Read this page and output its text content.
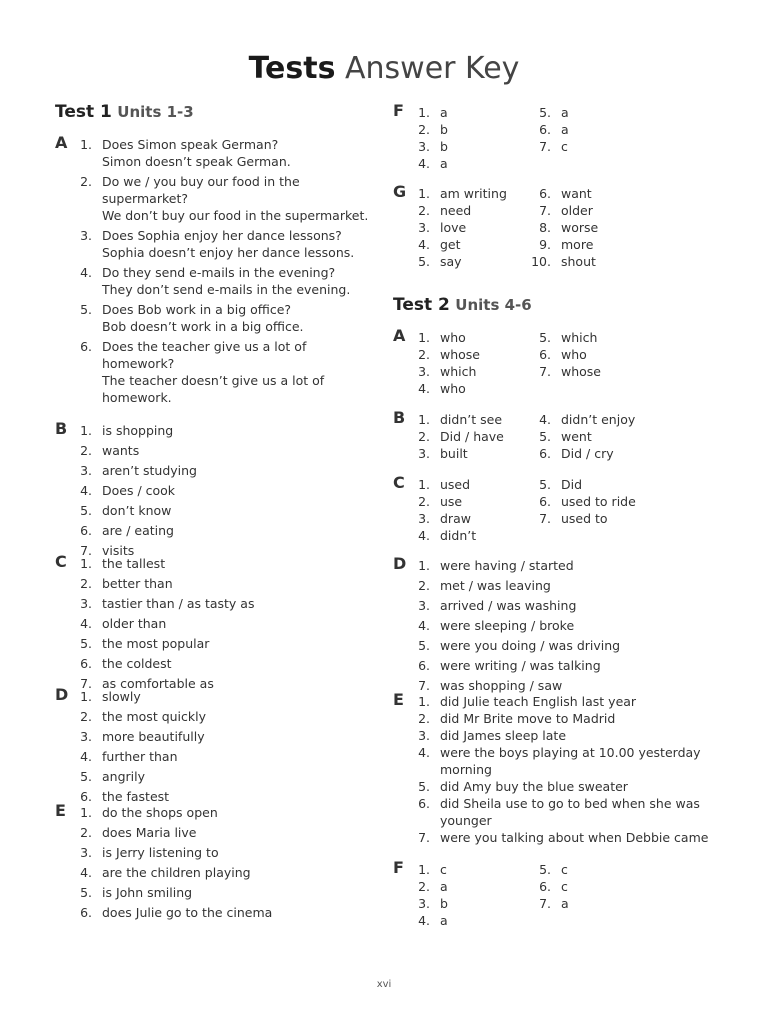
Tests Answer Key
Test 1 Units 1-3
Test 2 Units 4-6
A	1. Does Simon speak German?
Simon doesn’t speak German.
2. Do we / you buy our food in the
supermarket?
We don’t buy our food in the supermarket.
3. Does Sophia enjoy her dance lessons?
Sophia doesn’t enjoy her dance lessons.
4. Do they send e-mails in the evening?
They don’t send e-mails in the evening.
5. Does Bob work in a big office?
Bob doesn’t work in a big office.
6. Does the teacher give us a lot of
homework?
The teacher doesn’t give us a lot of
homework.
B	1. is shopping
2. wants
3. aren’t studying
4. Does / cook
5. don’t know
6. are / eating
7. visits
C	1. the tallest
2. better than
3. tastier than / as tasty as
4. older than
5. the most popular
6. the coldest
7. as comfortable as
D 1. slowly
2. the most quickly
3. more beautifully
4. further than
5. angrily
6. the fastest
E	1. do the shops open
2. does Maria live
3. is Jerry listening to
4. are the children playing
5. is John smiling
6. does Julie go to the cinema
F	1. a
2. b
3. b
4. a
5. a
6. a
7. c
G 1. am writing
2. need
3. love
4. get
5. say
6. want
7. older
8. worse
9. more
10. shout
A	1. who
2. whose
3. which
4. who
5. which
6. who
7. whose
B	1. didn’t see
2. Did / have
3. built
4. didn’t enjoy
5. went
6. Did / cry
C	1. used
2. use
3. draw
4. didn’t
5. Did
6. used to ride
7. used to
D 1. were having / started
2. met / was leaving
3. arrived / was washing
4. were sleeping / broke
5. were you doing / was driving
6. were writing / was talking
7. was shopping / saw
E	1. did Julie teach English last year
2. did Mr Brite move to Madrid
3. did James sleep late
4. were the boys playing at 10.00 yesterday
morning
5. did Amy buy the blue sweater
6. did Sheila use to go to bed when she was
younger
7. were you talking about when Debbie came
F	1. c
2. a
3. b
4. a
5. c
6. c
7. a
xvi
